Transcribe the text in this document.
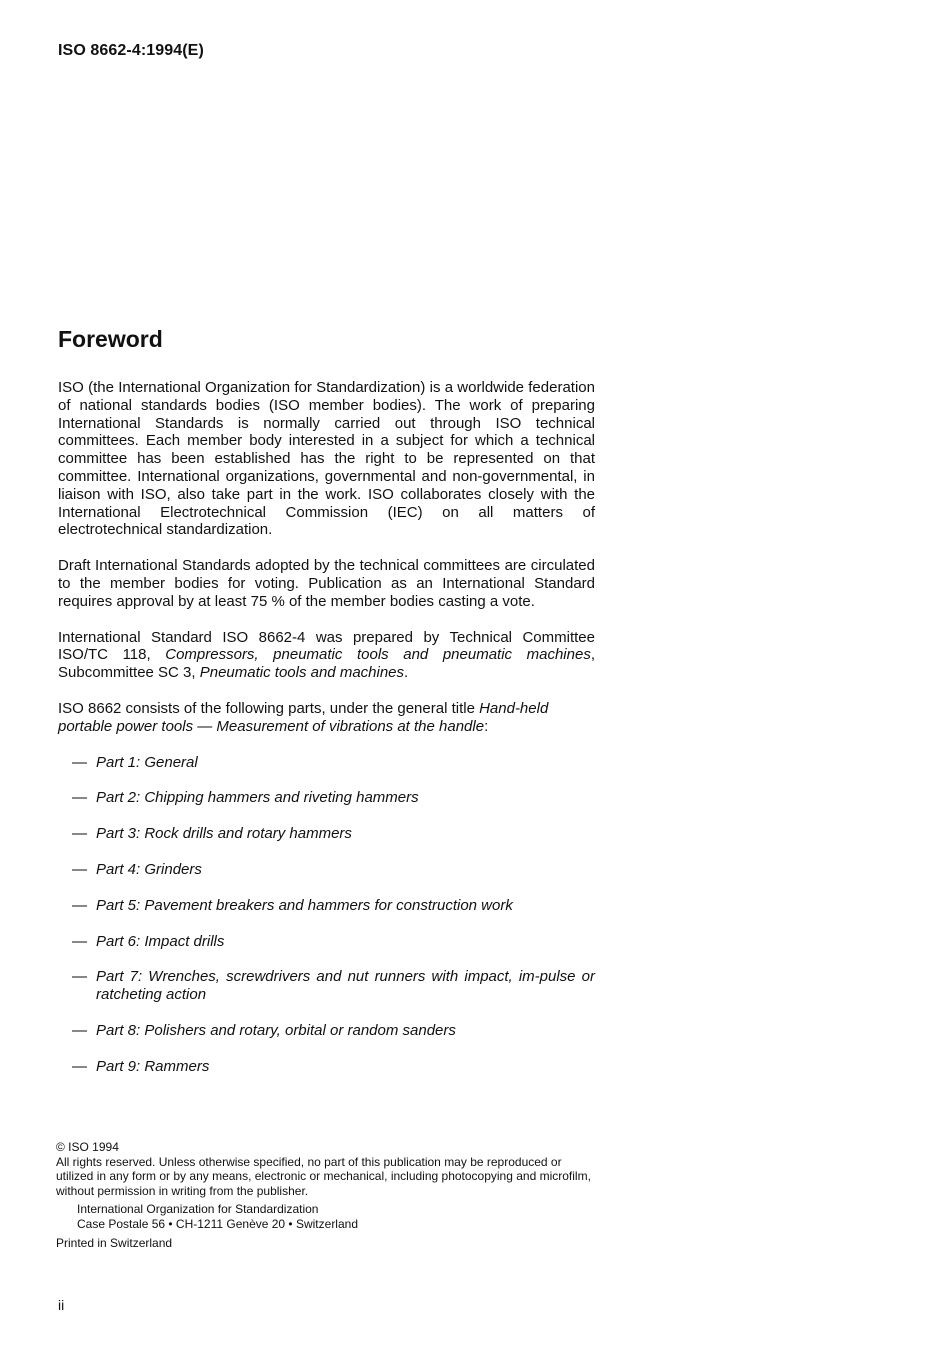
ISO 8662-4:1994(E)
Foreword

ISO (the International Organization for Standardization) is a worldwide federation of national standards bodies (ISO member bodies). The work of preparing International Standards is normally carried out through ISO technical committees. Each member body interested in a subject for which a technical committee has been established has the right to be represented on that committee. International organizations, governmental and non-governmental, in liaison with ISO, also take part in the work. ISO collaborates closely with the International Electrotechnical Commission (IEC) on all matters of electrotechnical standardization.

Draft International Standards adopted by the technical committees are circulated to the member bodies for voting. Publication as an International Standard requires approval by at least 75 % of the member bodies casting a vote.

International Standard ISO 8662-4 was prepared by Technical Committee ISO/TC 118, Compressors, pneumatic tools and pneumatic machines, Subcommittee SC 3, Pneumatic tools and machines.

ISO 8662 consists of the following parts, under the general title Hand-held portable power tools — Measurement of vibrations at the handle:

— Part 1: General
— Part 2: Chipping hammers and riveting hammers
— Part 3: Rock drills and rotary hammers
— Part 4: Grinders
— Part 5: Pavement breakers and hammers for construction work
— Part 6: Impact drills
— Part 7: Wrenches, screwdrivers and nut runners with impact, im-pulse or ratcheting action
— Part 8: Polishers and rotary, orbital or random sanders
— Part 9: Rammers

© ISO 1994

All rights reserved. Unless otherwise specified, no part of this publication may be reproduced or utilized in any form or by any means, electronic or mechanical, including photocopying and microfilm, without permission in writing from the publisher.

International Organization for Standardization

Case Postale 56 • CH-1211 Genève 20 • Switzerland

Printed in Switzerland

ii
